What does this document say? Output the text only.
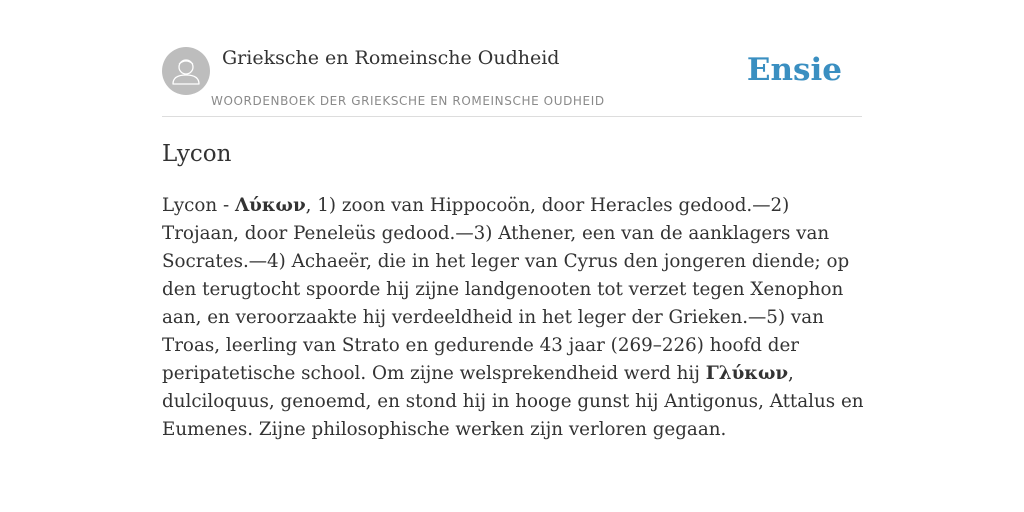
Grieksche en Romeinsche Oudheid
WOORDENBOEK DER GRIEKSCHE EN ROMEINSCHE OUDHEID
Ensie
Lycon

Lycon - Λύκων, 1) zoon van Hippocoön, door Heracles gedood.—2) Trojaan, door Peneleüs gedood.—3) Athener, een van de aanklagers van Socrates.—4) Achaeër, die in het leger van Cyrus den jongeren diende; op den terugtocht spoorde hij zijne landgenooten tot verzet tegen Xenophon aan, en veroorzaakte hij verdeeldheid in het leger der Grieken.—5) van Troas, leerling van Strato en gedurende 43 jaar (269–226) hoofd der peripatetische school. Om zijne welsprekendheid werd hij Γλύκων, dulciloquus, genoemd, en stond hij in hooge gunst hij Antigonus, Attalus en Eumenes. Zijne philosophische werken zijn verloren gegaan.
